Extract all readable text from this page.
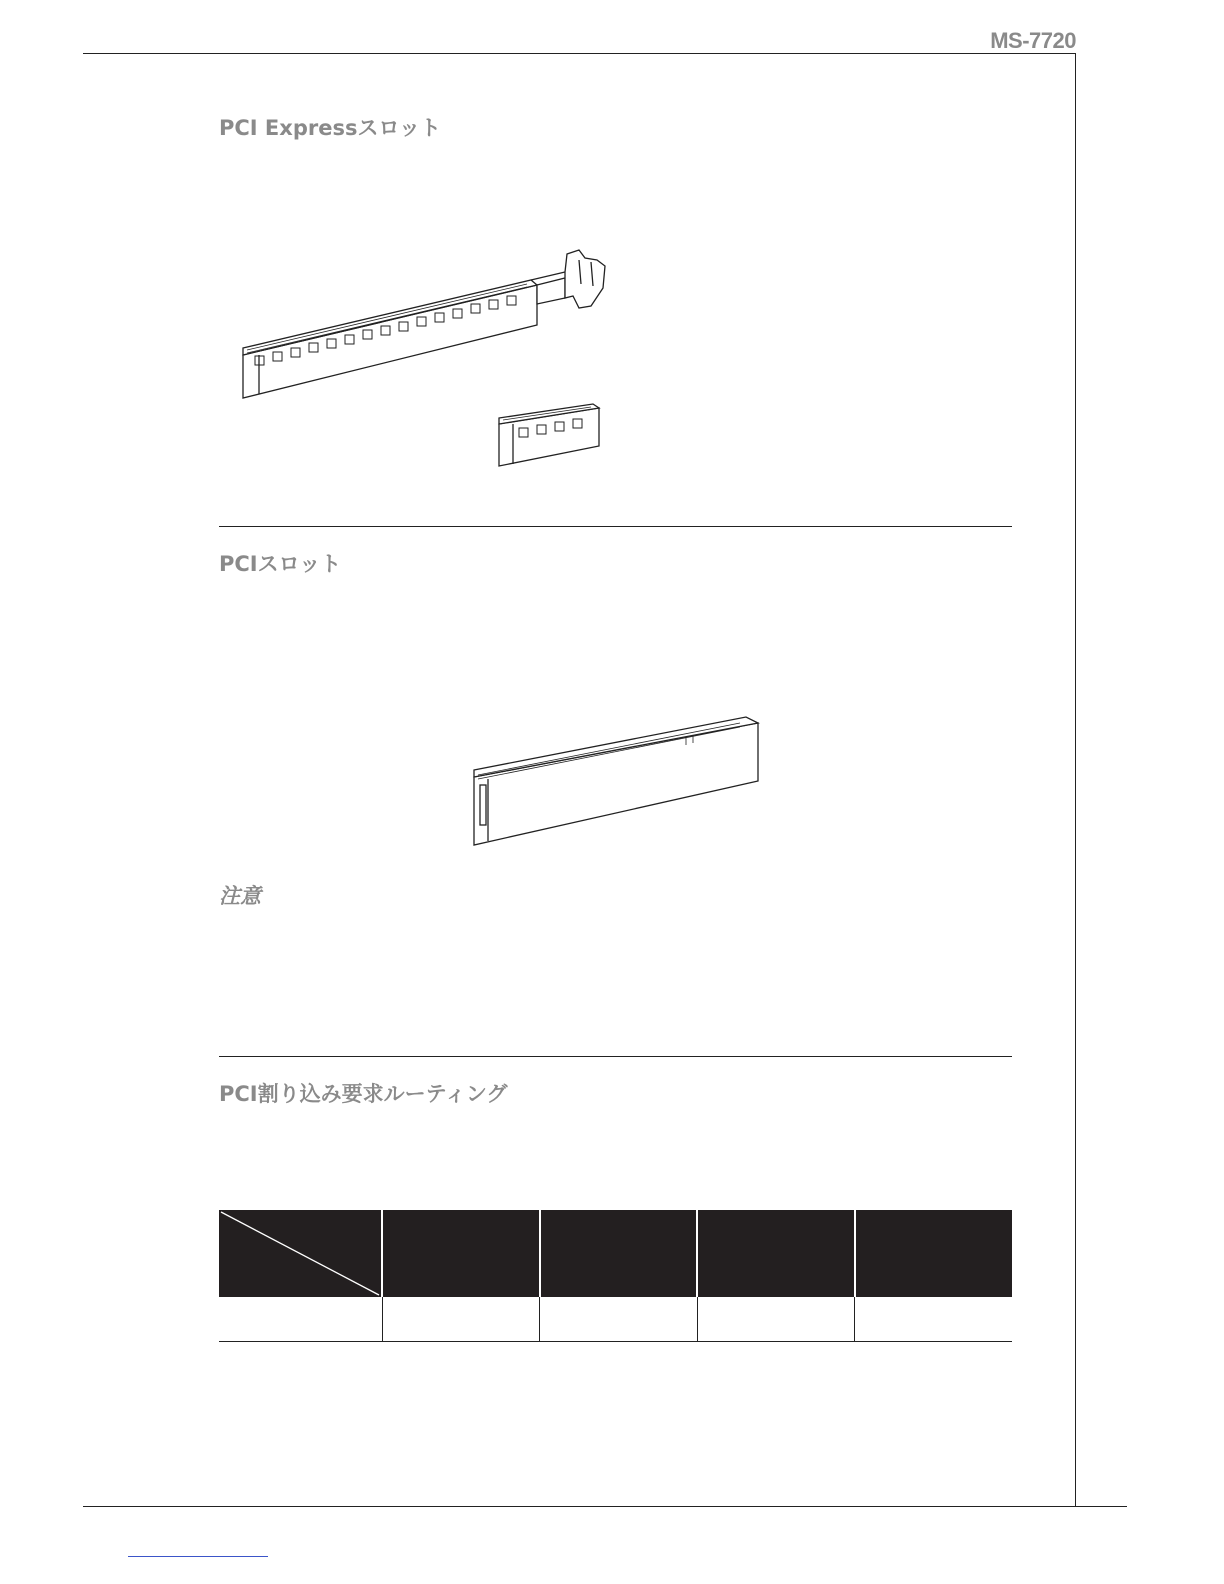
MS-7720
PCI Expressスロット
PCIスロット
注意
PCI割り込み要求ルーティング
